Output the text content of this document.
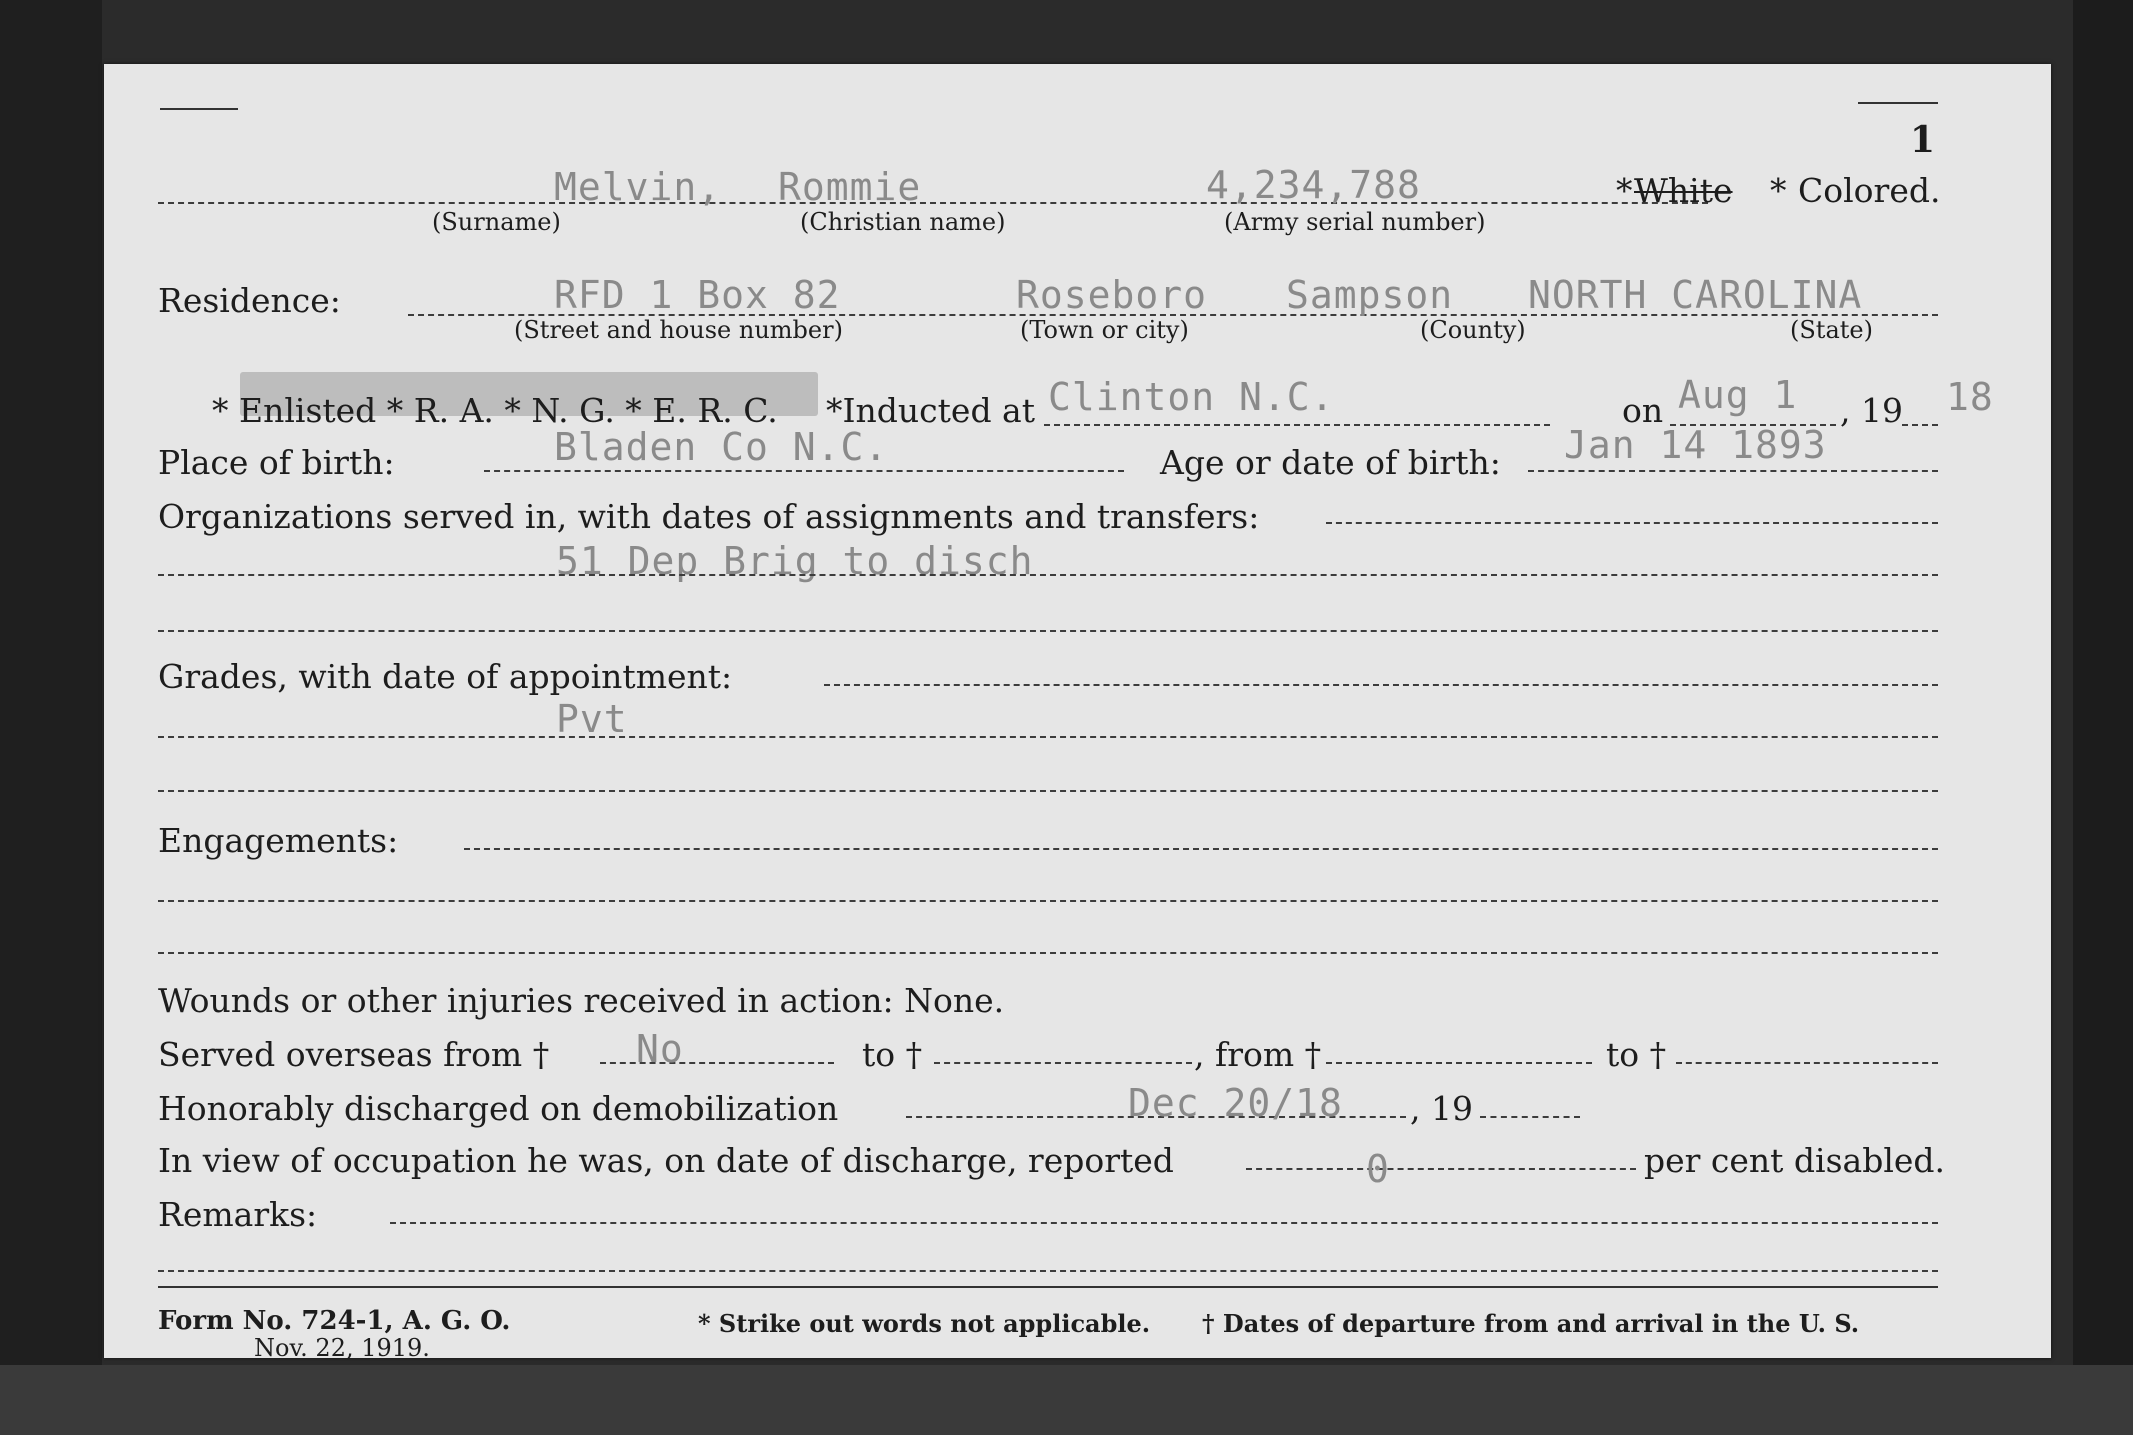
1
Melvin, Rommie	4,234,788	* White * Colored.
(Surname)	(Christian name)	(Army serial number)
Residence:	RFD 1 Box 82	Roseboro Sampson NORTH CAROLINA
(Street and house number)	(Town or city)	(County)	(State)
* Enlisted * R. A. * N. G. * E. R. C. *Inducted at Clinton N.C.	on Aug 1 , 19 18
Place of birth:	Bladen Co N.C.	Age or date of birth: Jan 14 1893
Organizations served in, with dates of assignments and transfers:
51 Dep Brig to disch
Grades, with date of appointment:
Pvt
Engagements:
Wounds or other injuries received in action: None.
Served overseas from † No	to †	, from †	to †
Honorably discharged on demobilization	Dec 20/18 , 19
In view of occupation he was, on date of discharge, reported	0	per cent disabled.
Remarks:
Form No. 724-1, A. G. O.
Nov. 22, 1919.
* Strike out words not applicable. † Dates of departure from and arrival in the U. S.
